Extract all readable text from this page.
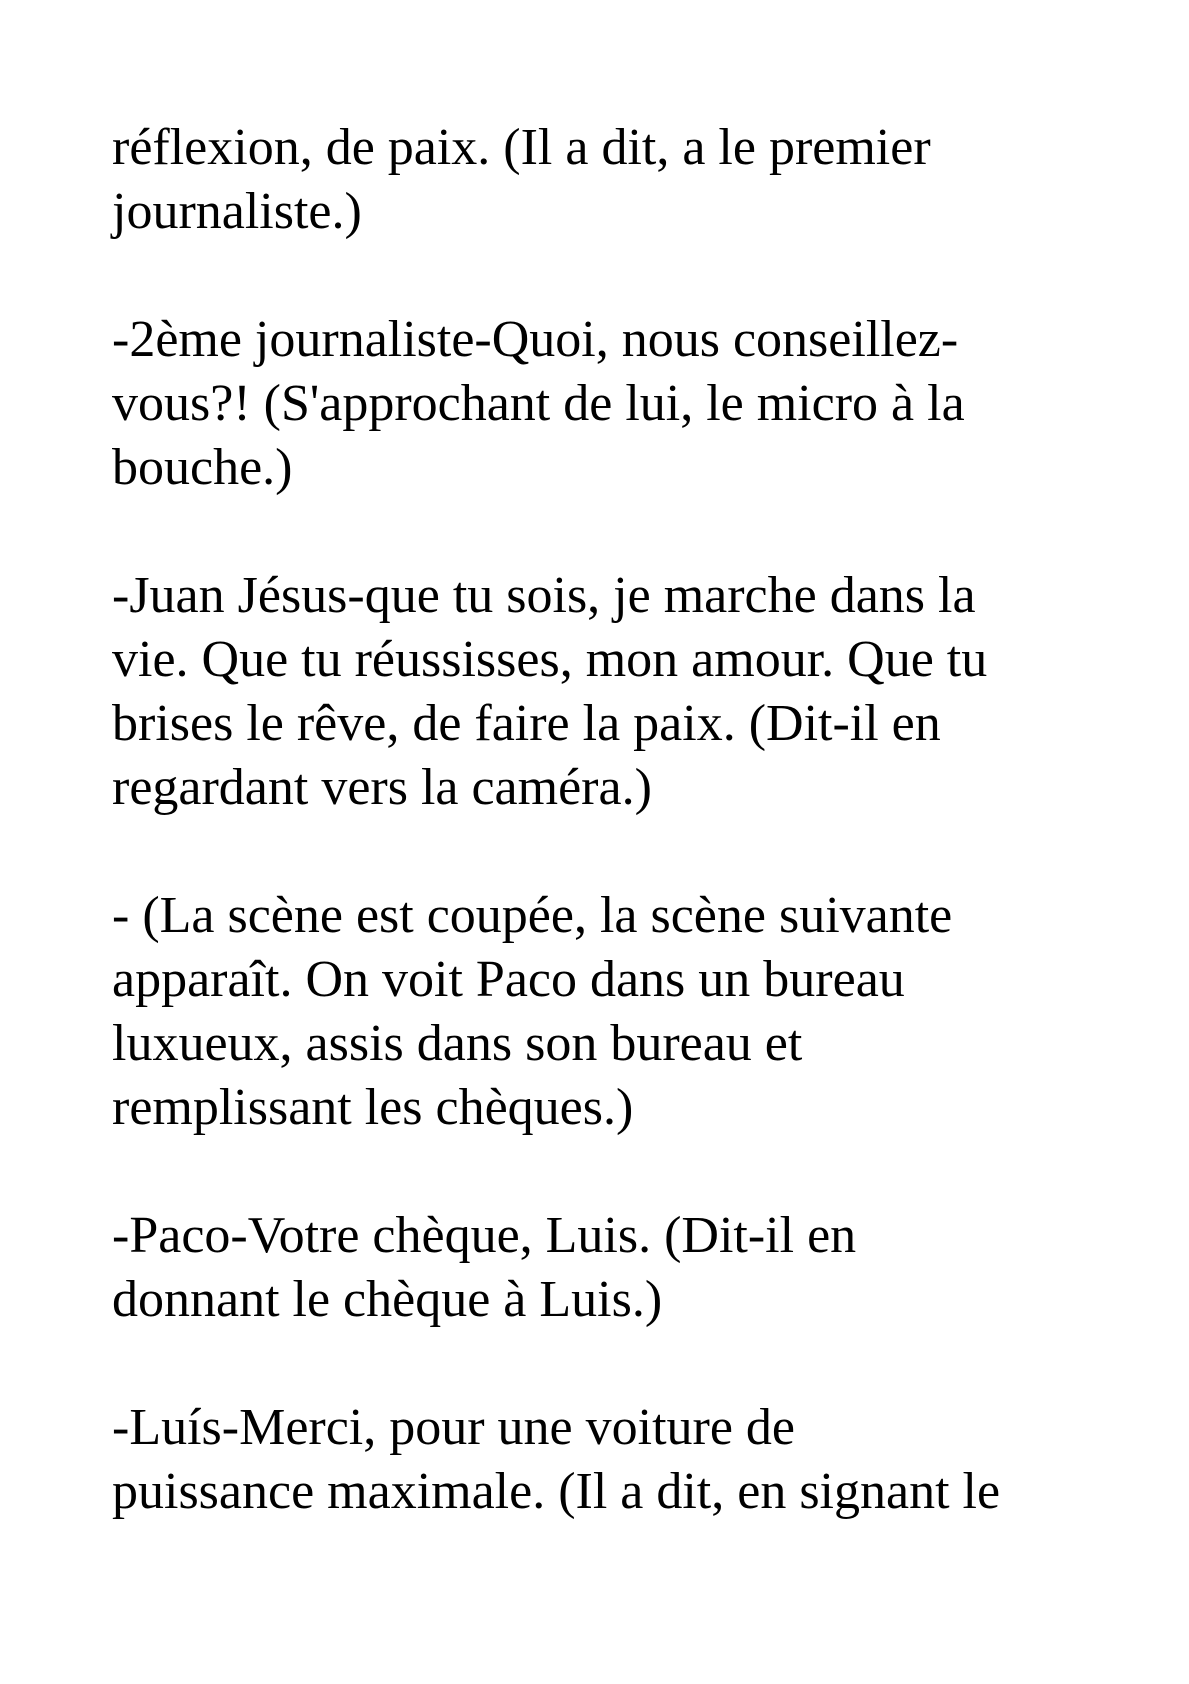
réflexion, de paix. (Il a dit, a le premier
journaliste.)

-2ème journaliste-Quoi, nous conseillez-
vous?! (S'approchant de lui, le micro à la
bouche.)

-Juan Jésus-que tu sois, je marche dans la
vie. Que tu réussisses, mon amour. Que tu
brises le rêve, de faire la paix. (Dit-il en
regardant vers la caméra.)

- (La scène est coupée, la scène suivante
apparaît. On voit Paco dans un bureau
luxueux, assis dans son bureau et
remplissant les chèques.)

-Paco-Votre chèque, Luis. (Dit-il en
donnant le chèque à Luis.)

-Luís-Merci, pour une voiture de
puissance maximale. (Il a dit, en signant le
